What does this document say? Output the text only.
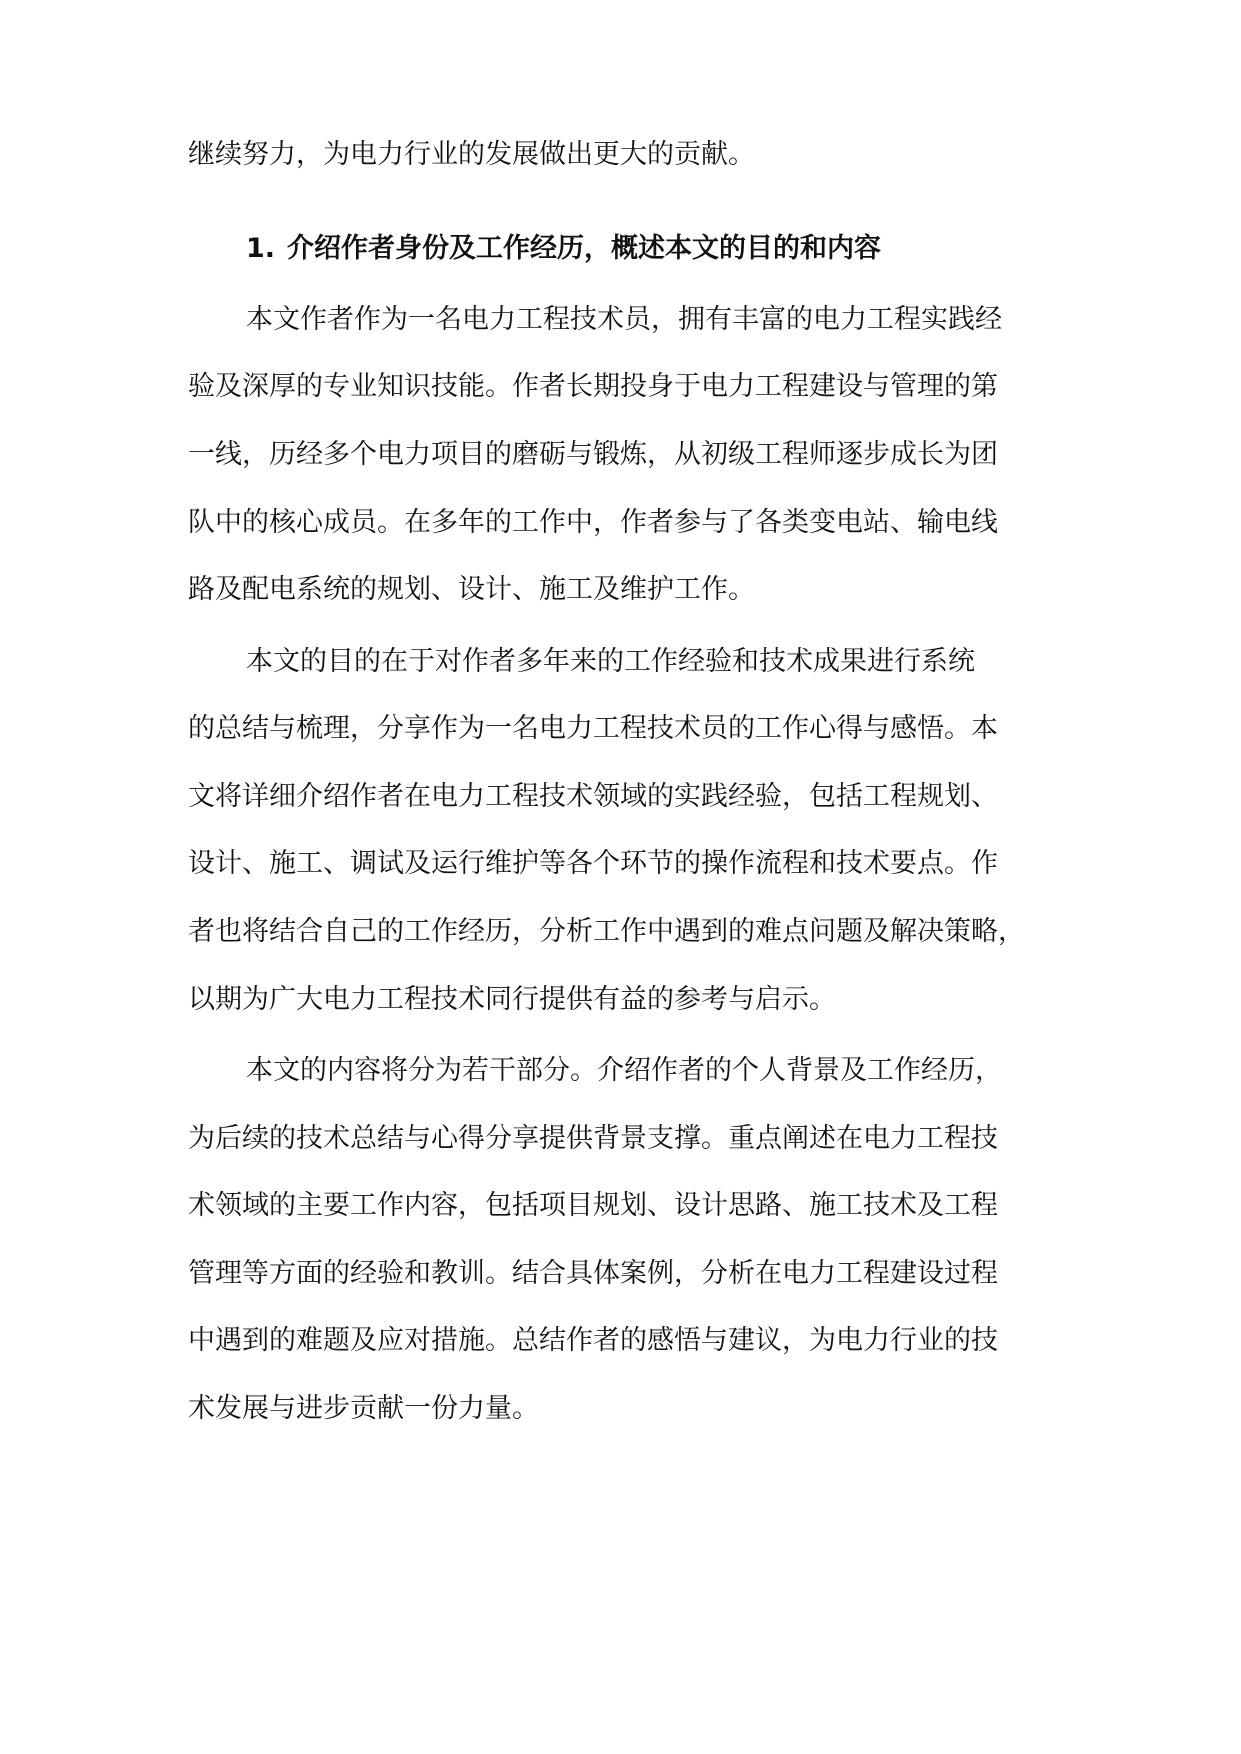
继续努力，为电力行业的发展做出更大的贡献。
1. 介绍作者身份及工作经历，概述本文的目的和内容
本文作者作为一名电力工程技术员，拥有丰富的电力工程实践经
验及深厚的专业知识技能。作者长期投身于电力工程建设与管理的第
一线，历经多个电力项目的磨砺与锻炼，从初级工程师逐步成长为团
队中的核心成员。在多年的工作中，作者参与了各类变电站、输电线
路及配电系统的规划、设计、施工及维护工作。
本文的目的在于对作者多年来的工作经验和技术成果进行系统
的总结与梳理，分享作为一名电力工程技术员的工作心得与感悟。本
文将详细介绍作者在电力工程技术领域的实践经验，包括工程规划、
设计、施工、调试及运行维护等各个环节的操作流程和技术要点。作
者也将结合自己的工作经历，分析工作中遇到的难点问题及解决策略，
以期为广大电力工程技术同行提供有益的参考与启示。
本文的内容将分为若干部分。介绍作者的个人背景及工作经历，
为后续的技术总结与心得分享提供背景支撑。重点阐述在电力工程技
术领域的主要工作内容，包括项目规划、设计思路、施工技术及工程
管理等方面的经验和教训。结合具体案例，分析在电力工程建设过程
中遇到的难题及应对措施。总结作者的感悟与建议，为电力行业的技
术发展与进步贡献一份力量。
